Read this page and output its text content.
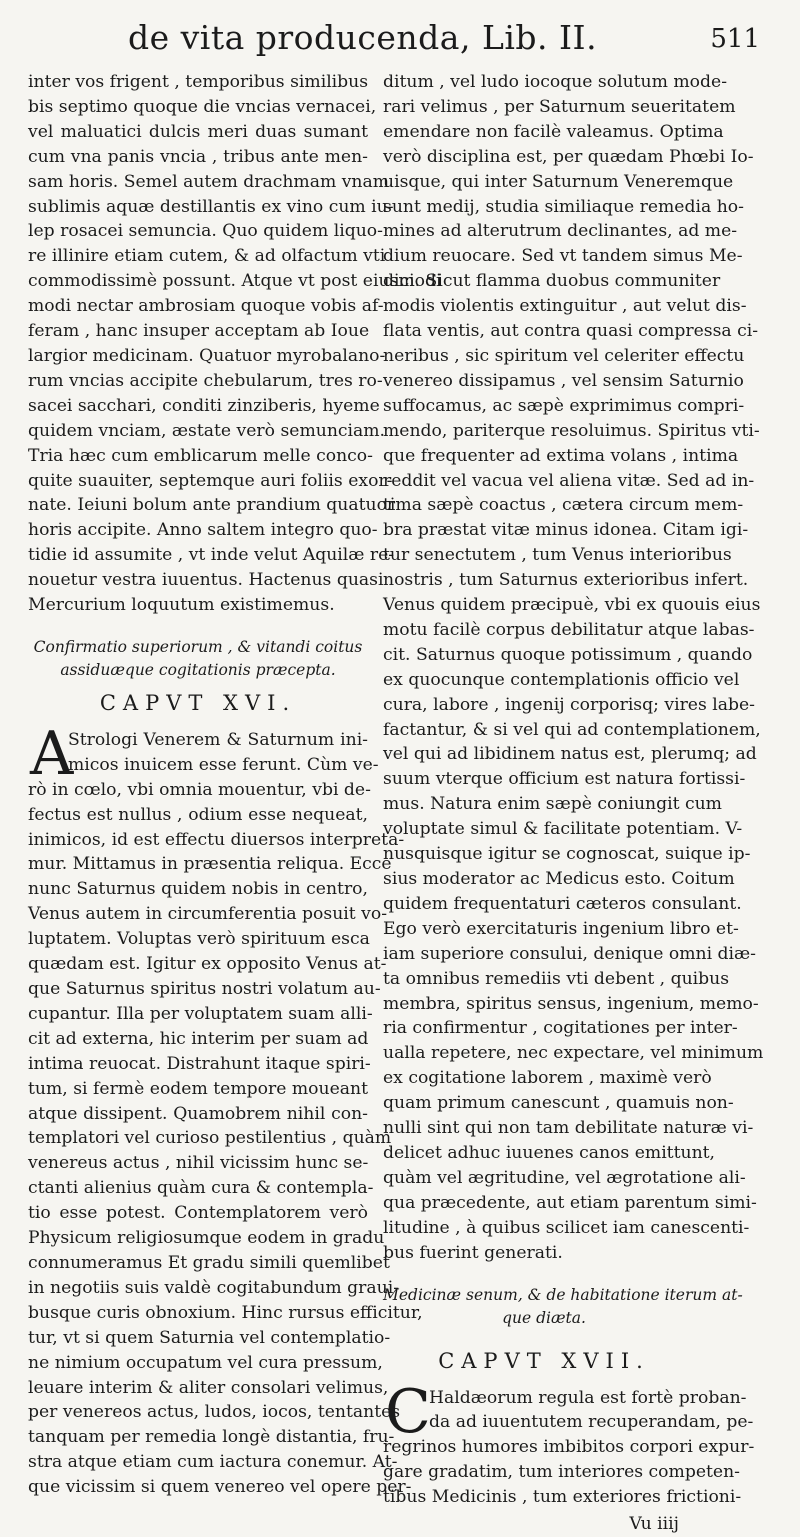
de vita producenda, Lib. II.	511
inter vos frigent , temporibus similibus
bis septimo quoque die vncias vernacei,
vel maluatici dulcis meri duas sumant
cum vna panis vncia , tribus ante men-
sam horis. Semel autem drachmam vnam
sublimis aquæ destillantis ex vino cum iu-
lep rosacei semuncia. Quo quidem liquo-
re illinire etiam cutem, & ad olfactum vti
commodissimè possunt. Atque vt post eiusmodi
modi nectar ambrosiam quoque vobis af-
feram , hanc insuper acceptam ab Ioue
largior medicinam. Quatuor myrobalano-
rum vncias accipite chebularum, tres ro-
sacei sacchari, conditi zinziberis, hyeme
quidem vnciam, æstate verò semunciam.
Tria hæc cum emblicarum melle conco-
quite suauiter, septemque auri foliis exor-
nate. Ieiuni bolum ante prandium quatuor
horis accipite. Anno saltem integro quo-
tidie id assumite , vt inde velut Aquilæ re-
nouetur vestra iuuentus. Hactenus quasi
Mercurium loquutum existimemus.
Confirmatio superiorum , & vitandi coitus
assiduæque cogitationis præcepta.
CAPVT XVI.
A
Strologi Venerem & Saturnum ini-
micos inuicem esse ferunt. Cùm ve-
rò in cœlo, vbi omnia mouentur, vbi de-
fectus est nullus , odium esse nequeat,
inimicos, id est effectu diuersos interpreta-
mur. Mittamus in præsentia reliqua. Ecce
nunc Saturnus quidem nobis in centro,
Venus autem in circumferentia posuit vo-
luptatem. Voluptas verò spirituum esca
quædam est. Igitur ex opposito Venus at-
que Saturnus spiritus nostri volatum au-
cupantur. Illa per voluptatem suam alli-
cit ad externa, hic interim per suam ad
intima reuocat. Distrahunt itaque spiri-
tum, si fermè eodem tempore moueant
atque dissipent. Quamobrem nihil con-
templatori vel curioso pestilentius , quàm
venereus actus , nihil vicissim hunc se-
ctanti alienius quàm cura & contempla-
tio esse potest. Contemplatorem verò
Physicum religiosumque eodem in gradu
connumeramus Et gradu simili quemlibet
in negotiis suis valdè cogitabundum graui-
busque curis obnoxium. Hinc rursus efficitur,
tur, vt si quem Saturnia vel contemplatio-
ne nimium occupatum vel cura pressum,
leuare interim & aliter consolari velimus,
per venereos actus, ludos, iocos, tentantes
tanquam per remedia longè distantia, fru-
stra atque etiam cum iactura conemur. At-
que vicissim si quem venereo vel opere per-
ditum , vel ludo iocoque solutum mode-
rari velimus , per Saturnum seueritatem
emendare non facilè valeamus. Optima
verò disciplina est, per quædam Phœbi Io-
uisque, qui inter Saturnum Veneremque
sunt medij, studia similiaque remedia ho-
mines ad alterutrum declinantes, ad me-
dium reuocare. Sed vt tandem simus Me-
dici. Sicut flamma duobus communiter
modis violentis extinguitur , aut velut dis-
flata ventis, aut contra quasi compressa ci-
neribus , sic spiritum vel celeriter effectu
venereo dissipamus , vel sensim Saturnio
suffocamus, ac sæpè exprimimus compri-
mendo, pariterque resoluimus. Spiritus vti-
que frequenter ad extima volans , intima
reddit vel vacua vel aliena vitæ. Sed ad in-
tima sæpè coactus , cætera circum mem-
bra præstat vitæ minus idonea. Citam igi-
tur senectutem , tum Venus interioribus
nostris , tum Saturnus exterioribus infert.
Venus quidem præcipuè, vbi ex quouis eius
motu facilè corpus debilitatur atque labas-
cit. Saturnus quoque potissimum , quando
ex quocunque contemplationis officio vel
cura, labore , ingenij corporisq; vires labe-
factantur, & si vel qui ad contemplationem,
vel qui ad libidinem natus est, plerumq; ad
suum vterque officium est natura fortissi-
mus. Natura enim sæpè coniungit cum
voluptate simul & facilitate potentiam. V-
nusquisque igitur se cognoscat, suique ip-
sius moderator ac Medicus esto. Coitum
quidem frequentaturi cæteros consulant.
Ego verò exercitaturis ingenium libro et-
iam superiore consului, denique omni diæ-
ta omnibus remediis vti debent , quibus
membra, spiritus sensus, ingenium, memo-
ria confirmentur , cogitationes per inter-
ualla repetere, nec expectare, vel minimum
ex cogitatione laborem , maximè verò
quam primum canescunt , quamuis non-
nulli sint qui non tam debilitate naturæ vi-
delicet adhuc iuuenes canos emittunt,
quàm vel ægritudine, vel ægrotatione ali-
qua præcedente, aut etiam parentum simi-
litudine , à quibus scilicet iam canescenti-
bus fuerint generati.
Medicinæ senum, & de habitatione iterum at-
que diæta.
CAPVT XVII.
C
Haldæorum regula est fortè proban-
da ad iuuentutem recuperandam, pe-
regrinos humores imbibitos corpori expur-
gare gradatim, tum interiores competen-
tibus Medicinis , tum exteriores frictioni-
Vu iiij
